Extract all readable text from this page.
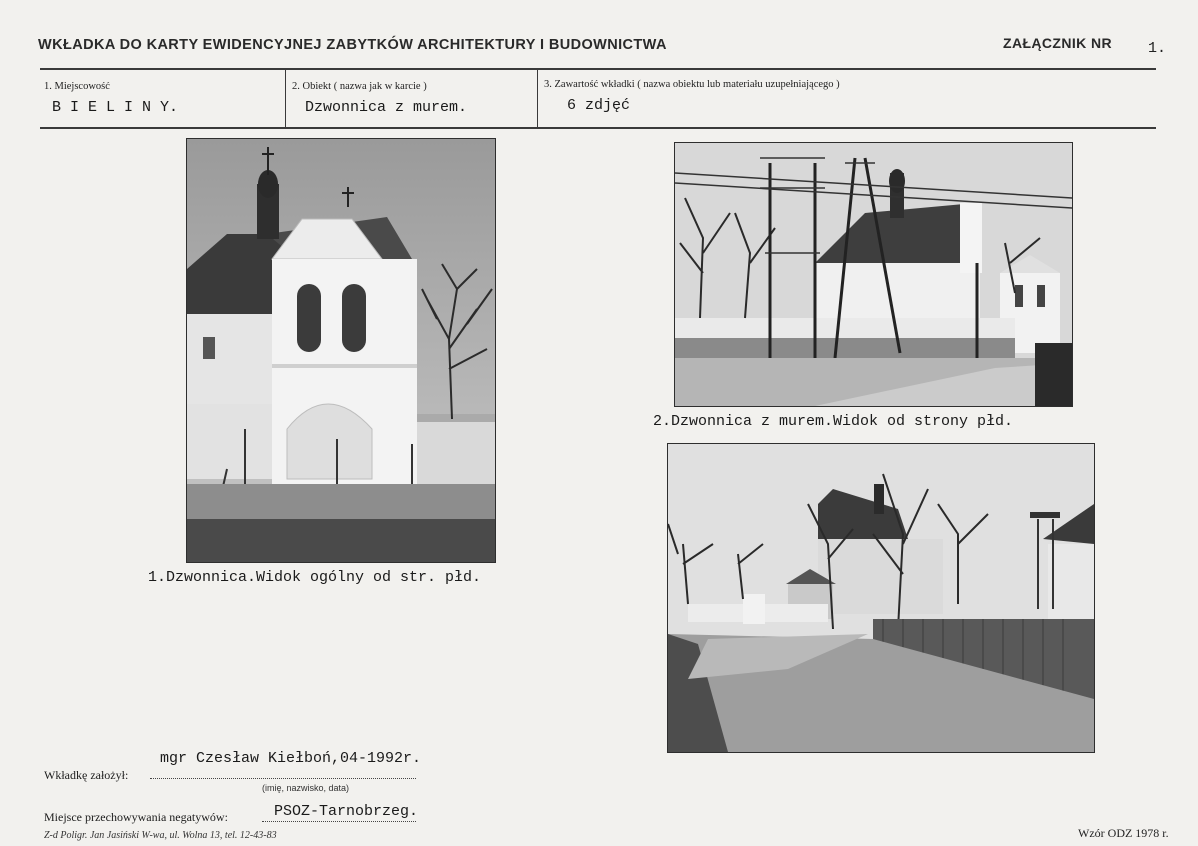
WKŁADKA DO KARTY EWIDENCYJNEJ ZABYTKÓW ARCHITEKTURY I BUDOWNICTWA	ZAŁĄCZNIK NR 1.
1. Miejscowość
B I E L I N Y.
2. Obiekt ( nazwa jak w karcie )
Dzwonnica z murem.
3. Zawartość wkładki ( nazwa obiektu lub materiału uzupełniającego )
6 zdjęć
1.Dzwonnica.Widok ogólny od str. płd.
2.Dzwonnica z murem.Widok od strony płd.
mgr Czesław Kiełboń,04-1992r.
Wkładkę założył:
(imię, nazwisko, data)
Miejsce przechowywania negatywów:	PSOZ-Tarnobrzeg.
Z-d Poligr. Jan Jasiński W-wa, ul. Wolna 13, tel. 12-43-83	Wzór ODZ 1978 r.
